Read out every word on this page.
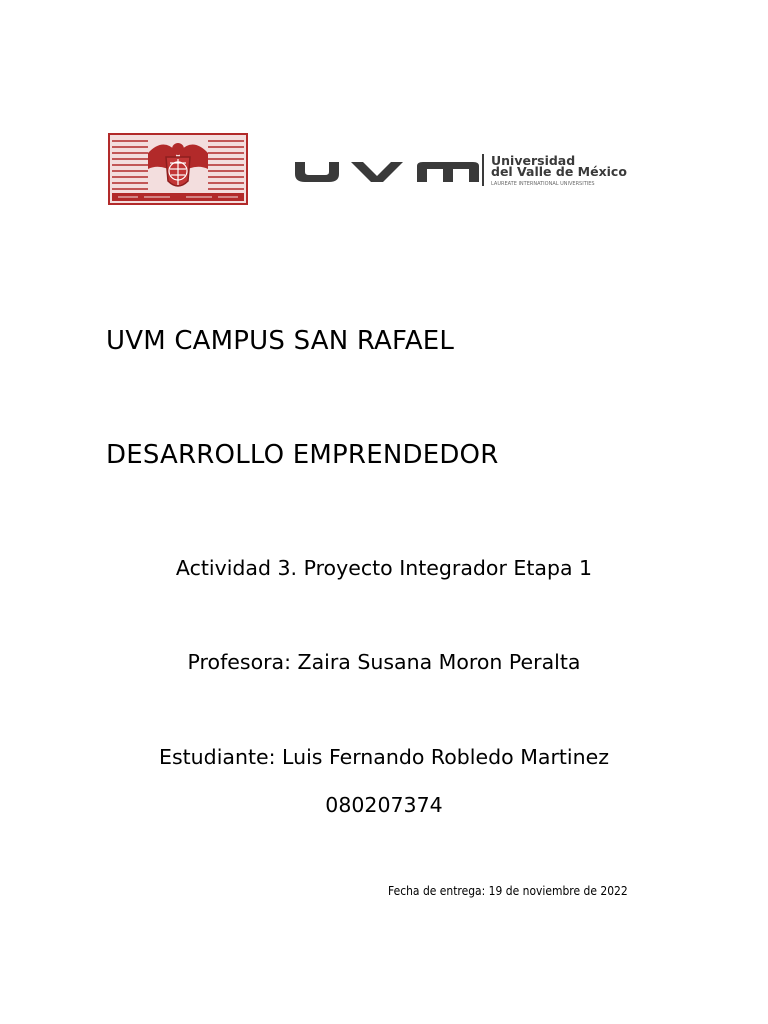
Universidad
del Valle de México
LAUREATE INTERNATIONAL UNIVERSITIES

UVM CAMPUS SAN RAFAEL

DESARROLLO EMPRENDEDOR

Actividad 3. Proyecto Integrador Etapa 1

Profesora: Zaira Susana Moron Peralta

Estudiante: Luis Fernando Robledo Martinez

080207374

Fecha de entrega: 19 de noviembre de 2022
